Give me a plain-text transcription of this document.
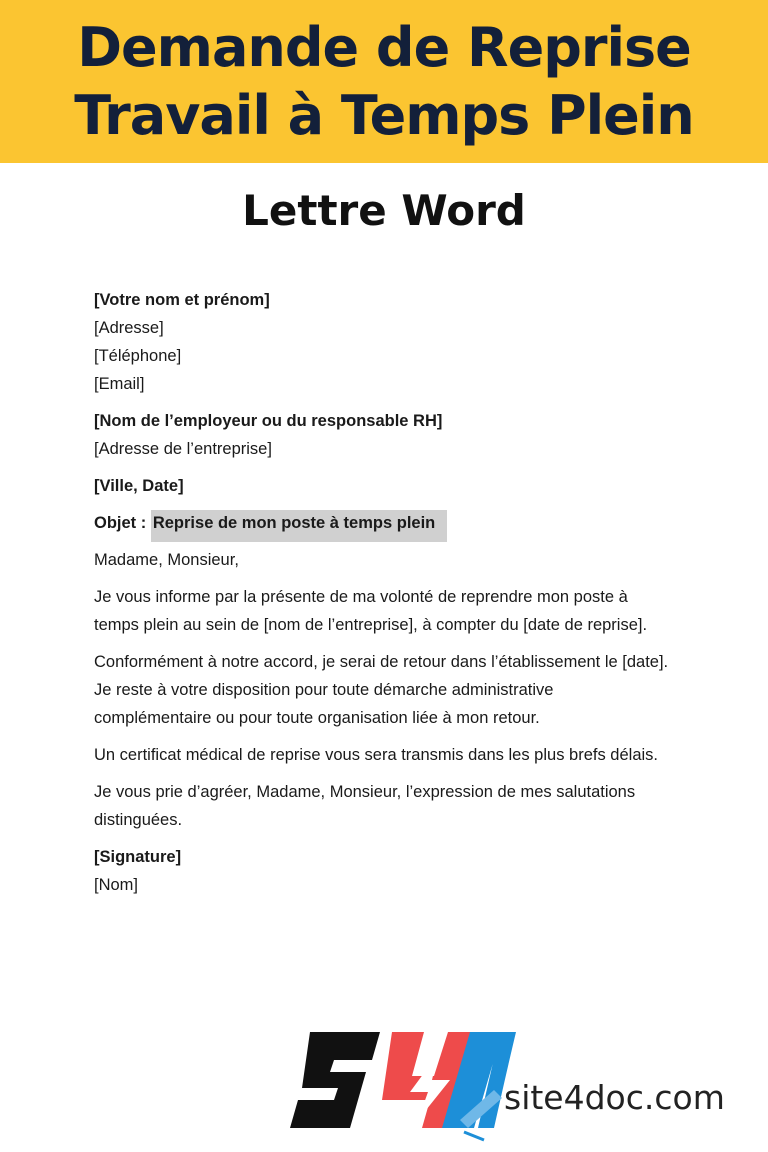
Demande de Reprise
Travail à Temps Plein
Lettre Word

[Votre nom et prénom]

[Adresse]

[Téléphone]

[Email]

[Nom de l’employeur ou du responsable RH]

[Adresse de l’entreprise]

[Ville, Date]

Objet : Reprise de mon poste à temps plein

Madame, Monsieur,

Je vous informe par la présente de ma volonté de reprendre mon poste à temps plein au sein de [nom de l’entreprise], à compter du [date de reprise].

Conformément à notre accord, je serai de retour dans l’établissement le [date]. Je reste à votre disposition pour toute démarche administrative complémentaire ou pour toute organisation liée à mon retour.

Un certificat médical de reprise vous sera transmis dans les plus brefs délais.

Je vous prie d’agréer, Madame, Monsieur, l’expression de mes salutations distinguées.

[Signature]

[Nom]

site4doc.com
